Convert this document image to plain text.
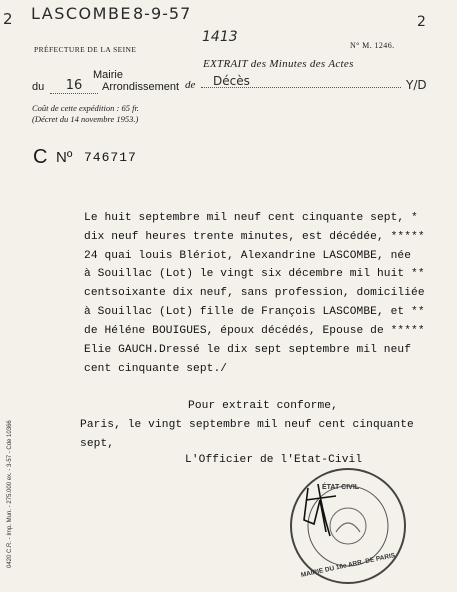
2 LASCOMBE 8-9-57	2
1413
Y/D
PRÉFECTURE DE LA SEINE
Mairie
du	16	Arrondissement
Coût de cette expédition : 65 fr.
(Décret du 14 novembre 1953.)
N° M. 1246.
EXTRAIT des Minutes des Actes
de Décès
C Nº 746717
Le huit septembre mil neuf cent cinquante sept, *
dix neuf heures trente minutes, est décédée, *****
24 quai louis Blériot, Alexandrine LASCOMBE, née
à Souillac (Lot) le vingt six décembre mil huit **
centsoixante dix neuf, sans profession, domiciliée
à Souillac (Lot) fille de François LASCOMBE, et **
de Héléne BOUIGUES, époux décédés, Epouse de *****
Elie GAUCH.Dressé le dix sept septembre mil neuf
cent cinquante sept./
Pour extrait conforme,
Paris, le vingt septembre mil neuf cent cinquante
sept,
L'Officier de l'Etat-Civil
0420 C.R. - Imp. Mun. - 275.000 ex. - 3-57 - Cde 10366	ÉTAT CIVIL
MAIRIE DU 16e ARR. DE PARIS
